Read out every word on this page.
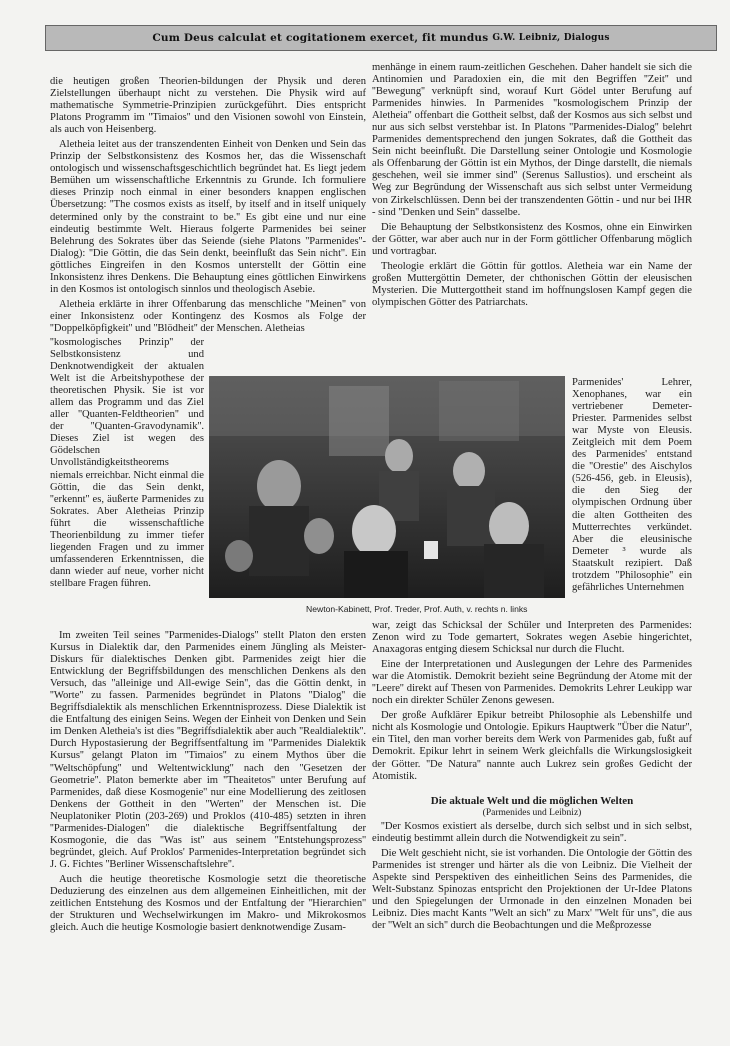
Cum Deus calculat et cogitationem exercet, fit mundus G.W. Leibniz, Dialogus

die heutigen großen Theorien-bildungen der Physik und deren Zielstellungen überhaupt nicht zu verstehen. Die Physik wird auf mathematische Symmetrie-Prinzipien zurückgeführt. Dies entspricht Platons Programm im ''Timaios'' und den Visionen sowohl von Einstein, als auch von Heisenberg.

Aletheia leitet aus der transzendenten Einheit von Denken und Sein das Prinzip der Selbstkonsistenz des Kosmos her, das die Wissenschaft ontologisch und wissenschaftsgeschichtlich begründet hat. Es liegt jedem Bemühen um wissenschaftliche Erkenntnis zu Grunde. Ich formuliere dieses Prinzip noch einmal in einer besonders knappen englischen Übersetzung: ''The cosmos exists as itself, by itself and in itself uniquely determined only by the constraint to be.'' Es gibt eine und nur eine eindeutig bestimmte Welt. Hieraus folgerte Parmenides bei seiner Belehrung des Sokrates über das Seiende (siehe Platons ''Parmenides''-Dialog): ''Die Göttin, die das Sein denkt, beeinflußt das Sein nicht''. Ein göttliches Eingreifen in den Kosmos unterstellt der Göttin eine Inkonsistenz ihres Denkens. Die Behauptung eines göttlichen Einwirkens in den Kosmos ist ontologisch sinnlos und theologisch Asebie.

Aletheia erklärte in ihrer Offenbarung das menschliche ''Meinen'' von einer Inkonsistenz oder Kontingenz des Kosmos als Folge der ''Doppelköpfigkeit'' und ''Blödheit'' der Menschen. Aletheias

''kosmologisches Prinzip'' der Selbstkonsistenz und Denknotwendigkeit der aktualen Welt ist die Arbeitshypothese der theoretischen Physik. Sie ist vor allem das Programm und das Ziel aller ''Quanten-Feldtheorien'' und der ''Quanten-Gravodynamik''. Dieses Ziel ist wegen des Gödelschen Unvollständigkeitstheorems niemals erreichbar. Nicht einmal die Göttin, die das Sein denkt, ''erkennt'' es, äußerte Parmenides zu Sokrates. Aber Aletheias Prinzip führt die wissenschaftliche Theorienbildung zu immer tiefer liegenden Fragen und zu immer umfassenderen Erkenntnissen, die dann wieder auf neue, vorher nicht stellbare Fragen führen.

Newton-Kabinett, Prof. Treder, Prof. Auth, v. rechts n. links

Im zweiten Teil seines ''Parmenides-Dialogs'' stellt Platon den ersten Kursus in Dialektik dar, den Parmenides einem Jüngling als Meister-Diskurs für dialektisches Denken gibt. Parmenides zeigt hier die Entwicklung der Begriffsbildungen des menschlichen Denkens als den Versuch, das ''alleinige und All-ewige Sein'', das die Göttin denkt, in ''Worte'' zu fassen. Parmenides begründet in Platons ''Dialog'' die Begriffsdialektik als menschlichen Erkenntnisprozess. Diese Dialektik ist die Entfaltung des einigen Seins. Wegen der Einheit von Denken und Sein im Denken Aletheia's ist dies ''Begriffsdialektik aber auch ''Realdialektik''. Durch Hypostasierung der Begriffsentfaltung im ''Parmenides Dialektik Kursus'' gelangt Platon im ''Timaios'' zu einem Mythos über die ''Weltschöpfung'' und Weltentwicklung'' nach den ''Gesetzen der Geometrie''. Platon bemerkte aber im ''Theaitetos'' unter Berufung auf Parmenides, daß diese Kosmogenie'' nur eine Modellierung des zeitlosen Denkens der Gottheit in den ''Werten'' der Menschen ist. Die Neuplatoniker Plotin (203-269) und Proklos (410-485) setzten in ihren ''Parmenides-Dialogen'' die dialektische Begriffsentfaltung der Kosmogonie, die das ''Was ist'' aus seinem ''Entstehungsprozess'' begründet, gleich. Auf Proklos' Parmenides-Interpretation begründet sich J. G. Fichtes ''Berliner Wissenschaftslehre''.

Auch die heutige theoretische Kosmologie setzt die theoretische Deduzierung des einzelnen aus dem allgemeinen Einheitlichen, mit der zeitlichen Entstehung des Kosmos und der Entfaltung der ''Hierarchien'' der Strukturen und Wechselwirkungen im Makro- und Mikrokosmos gleich. Auch die heutige Kosmologie basiert denknotwendige Zusam-

menhänge in einem raum-zeitlichen Geschehen. Daher handelt sie sich die Antinomien und Paradoxien ein, die mit den Begriffen ''Zeit'' und ''Bewegung'' verknüpft sind, worauf Kurt Gödel unter Berufung auf Parmenides hinwies. In Parmenides ''kosmologischem Prinzip der Aletheia'' offenbart die Gottheit selbst, daß der Kosmos aus sich selbst und nur aus sich selbst verstehbar ist. In Platons ''Parmenides-Dialog'' belehrt Parmenides dementsprechend den jungen Sokrates, daß die Gottheit das Sein nicht beeinflußt. Die Darstellung seiner Ontologie und Kosmologie als Offenbarung der Göttin ist ein Mythos, der Dinge darstellt, die niemals geschehen, weil sie immer sind'' (Serenus Sallustios). und erscheint als Weg zur Begründung der Wissenschaft aus sich selbst unter Vermeidung von Zirkelschlüssen. Denn bei der transzendenten Göttin - und nur bei IHR - sind ''Denken und Sein'' dasselbe.

Die Behauptung der Selbstkonsistenz des Kosmos, ohne ein Einwirken der Götter, war aber auch nur in der Form göttlicher Offenbarung möglich und vortragbar.

Theologie erklärt die Göttin für gottlos. Aletheia war ein Name der großen Muttergöttin Demeter, der chthonischen Göttin der eleusischen Mysterien. Die Muttergottheit stand im hoffnungslosen Kampf gegen die olympischen Götter des Patriarchats.

Parmenides' Lehrer, Xenophanes, war ein vertriebener Demeter-Priester. Parmenides selbst war Myste von Eleusis. Zeitgleich mit dem Poem des Parmenides' entstand die ''Orestie'' des Aischylos (526-456, geb. in Eleusis), die den Sieg der olympischen Ordnung über die alten Gottheiten des Mutterrechtes verkündet. Aber die eleusinische Demeter ³ wurde als Staatskult rezipiert. Daß trotzdem ''Philosophie'' ein gefährliches Unternehmen

war, zeigt das Schicksal der Schüler und Interpreten des Parmenides: Zenon wird zu Tode gemartert, Sokrates wegen Asebie hingerichtet, Anaxagoras entging diesem Schicksal nur durch die Flucht.

Eine der Interpretationen und Auslegungen der Lehre des Parmenides war die Atomistik. Demokrit bezieht seine Begründung der Atome mit der ''Leere'' direkt auf Thesen von Parmenides. Demokrits Lehrer Leukipp war noch ein direkter Schüler Zenons gewesen.

Der große Aufklärer Epikur betreibt Philosophie als Lebenshilfe und nicht als Kosmologie und Ontologie. Epikurs Hauptwerk ''Über die Natur'', ein Titel, den man vorher bereits dem Werk von Parmenides gab, fußt auf Demokrit. Epikur lehrt in seinem Werk gleichfalls die Wirkungslosigkeit der Götter. ''De Natura'' nannte auch Lukrez sein großes Gedicht der Atomistik.

Die aktuale Welt und die möglichen Welten
(Parmenides und Leibniz)

''Der Kosmos existiert als derselbe, durch sich selbst und in sich selbst, eindeutig bestimmt allein durch die Notwendigkeit zu sein''.

Die Welt geschieht nicht, sie ist vorhanden. Die Ontologie der Göttin des Parmenides ist strenger und härter als die von Leibniz. Die Vielheit der Aspekte sind Perspektiven des einheitlichen Seins des Parmenides, die Welt-Substanz Spinozas entspricht den Projektionen der Ur-Idee Platons und den Spiegelungen der Urmonade in den einzelnen Monaden bei Leibniz. Dies macht Kants ''Welt an sich'' zu Marx' ''Welt für uns'', die aus der ''Welt an sich'' durch die Beobachtungen und die Meßprozesse
